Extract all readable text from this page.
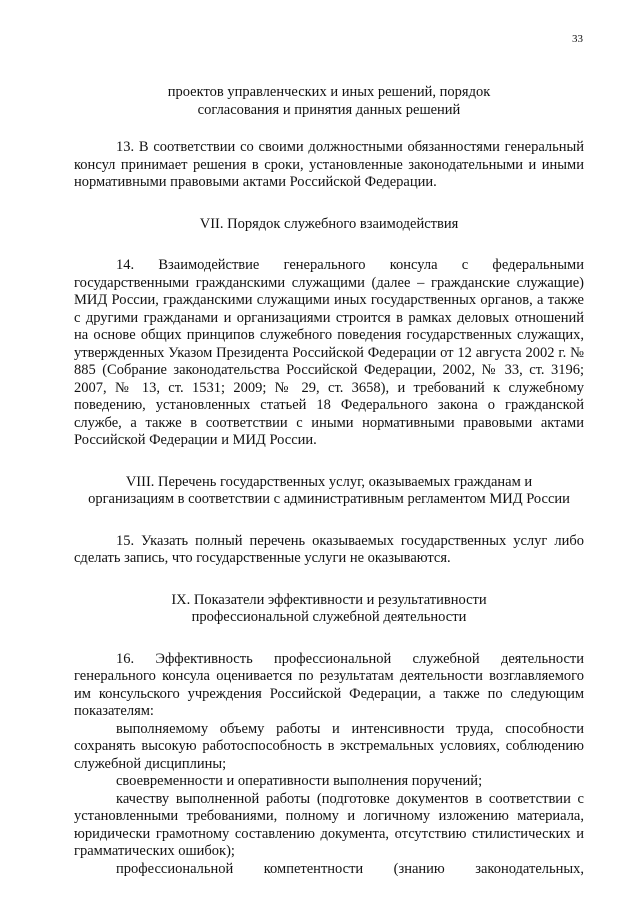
33

проектов управленческих и иных решений, порядок

согласования и принятия данных решений

13. В соответствии со своими должностными обязанностями генеральный консул принимает решения в сроки, установленные законодательными и иными нормативными правовыми актами Российской Федерации.

VII. Порядок служебного взаимодействия

14. Взаимодействие генерального консула с федеральными государственными гражданскими служащими (далее – гражданские служащие) МИД России, гражданскими служащими иных государственных органов, а также с другими гражданами и организациями строится в рамках деловых отношений на основе общих принципов служебного поведения государственных служащих, утвержденных Указом Президента Российской Федерации от 12 августа 2002 г. № 885 (Собрание законодательства Российской Федерации, 2002, № 33, ст. 3196; 2007, № 13, ст. 1531; 2009; № 29, ст. 3658), и требований к служебному поведению, установленных статьей 18 Федерального закона о гражданской службе, а также в соответствии с иными нормативными правовыми актами Российской Федерации и МИД России.

VIII. Перечень государственных услуг, оказываемых гражданам и

организациям в соответствии с административным регламентом МИД России

15. Указать полный перечень оказываемых государственных услуг либо сделать запись, что государственные услуги не оказываются.

IX. Показатели эффективности и результативности

профессиональной служебной деятельности

16. Эффективность профессиональной служебной деятельности генерального консула оценивается по результатам деятельности возглавляемого им консульского учреждения Российской Федерации, а также по следующим показателям:

выполняемому объему работы и интенсивности труда, способности сохранять высокую работоспособность в экстремальных условиях, соблюдению служебной дисциплины;

своевременности и оперативности выполнения поручений;

качеству выполненной работы (подготовке документов в соответствии с установленными требованиями, полному и логичному изложению материала, юридически грамотному составлению документа, отсутствию стилистических и грамматических ошибок);

профессиональной компетентности (знанию законодательных,
